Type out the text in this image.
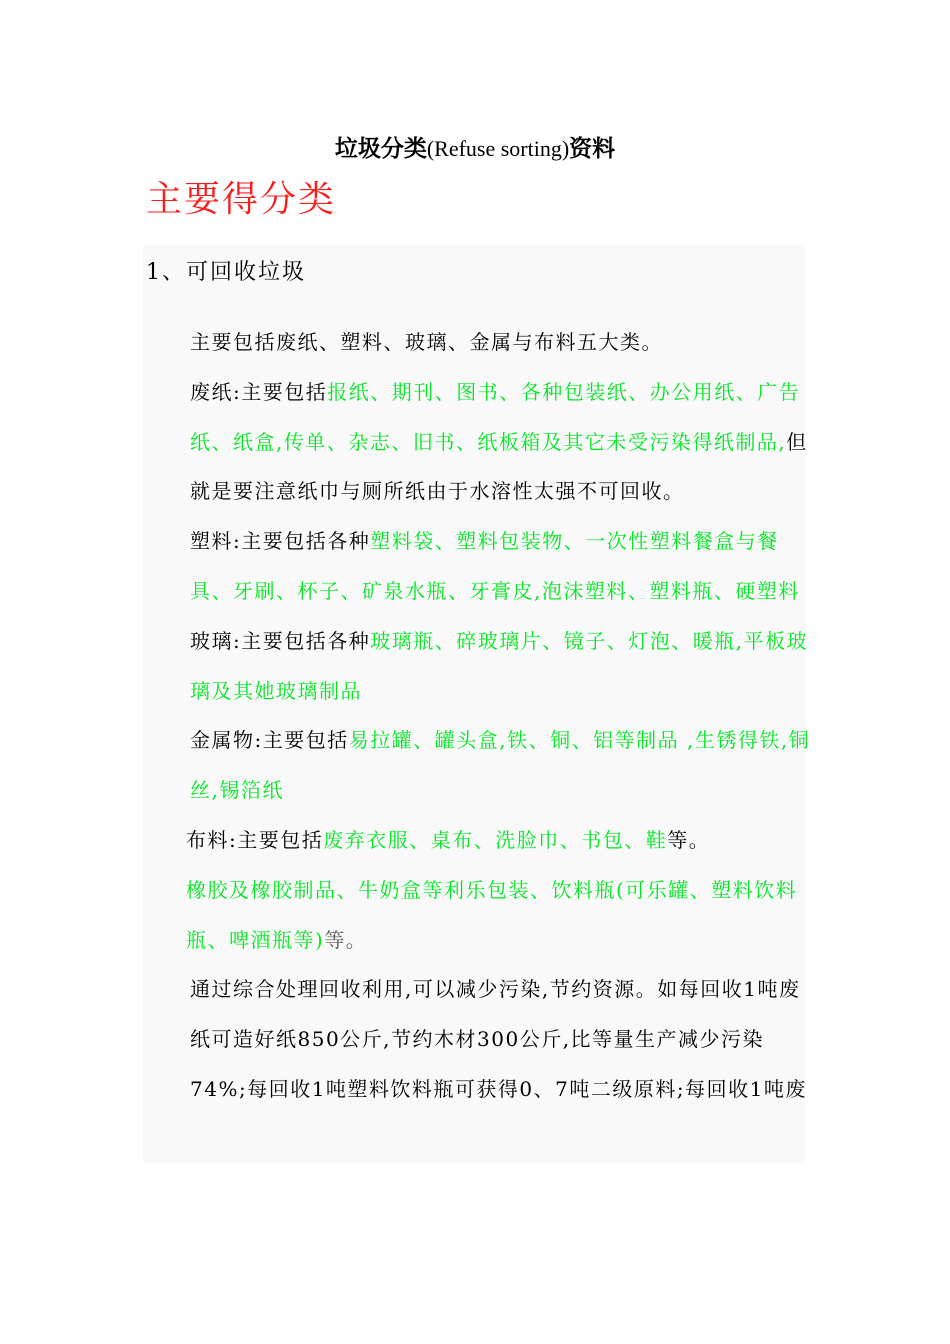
垃圾分类(Refuse sorting)资料
主要得分类
1、可回收垃圾

主要包括废纸、塑料、玻璃、金属与布料五大类。

废纸:主要包括报纸、期刊、图书、各种包装纸、办公用纸、广告纸、纸盒,传单、杂志、旧书、纸板箱及其它未受污染得纸制品,但就是要注意纸巾与厕所纸由于水溶性太强不可回收。

塑料:主要包括各种塑料袋、塑料包装物、一次性塑料餐盒与餐具、牙刷、杯子、矿泉水瓶、牙膏皮,泡沫塑料、塑料瓶、硬塑料

玻璃:主要包括各种玻璃瓶、碎玻璃片、镜子、灯泡、暖瓶,平板玻璃及其她玻璃制品

金属物:主要包括易拉罐、罐头盒,铁、铜、铝等制品 ,生锈得铁,铜丝,锡箔纸

布料:主要包括废弃衣服、桌布、洗脸巾、书包、鞋等。

橡胶及橡胶制品、牛奶盒等利乐包装、饮料瓶(可乐罐、塑料饮料瓶、啤酒瓶等)等。

通过综合处理回收利用,可以减少污染,节约资源。如每回收1吨废纸可造好纸850公斤,节约木材300公斤,比等量生产减少污染74%;每回收1吨塑料饮料瓶可获得0、7吨二级原料;每回收1吨废
